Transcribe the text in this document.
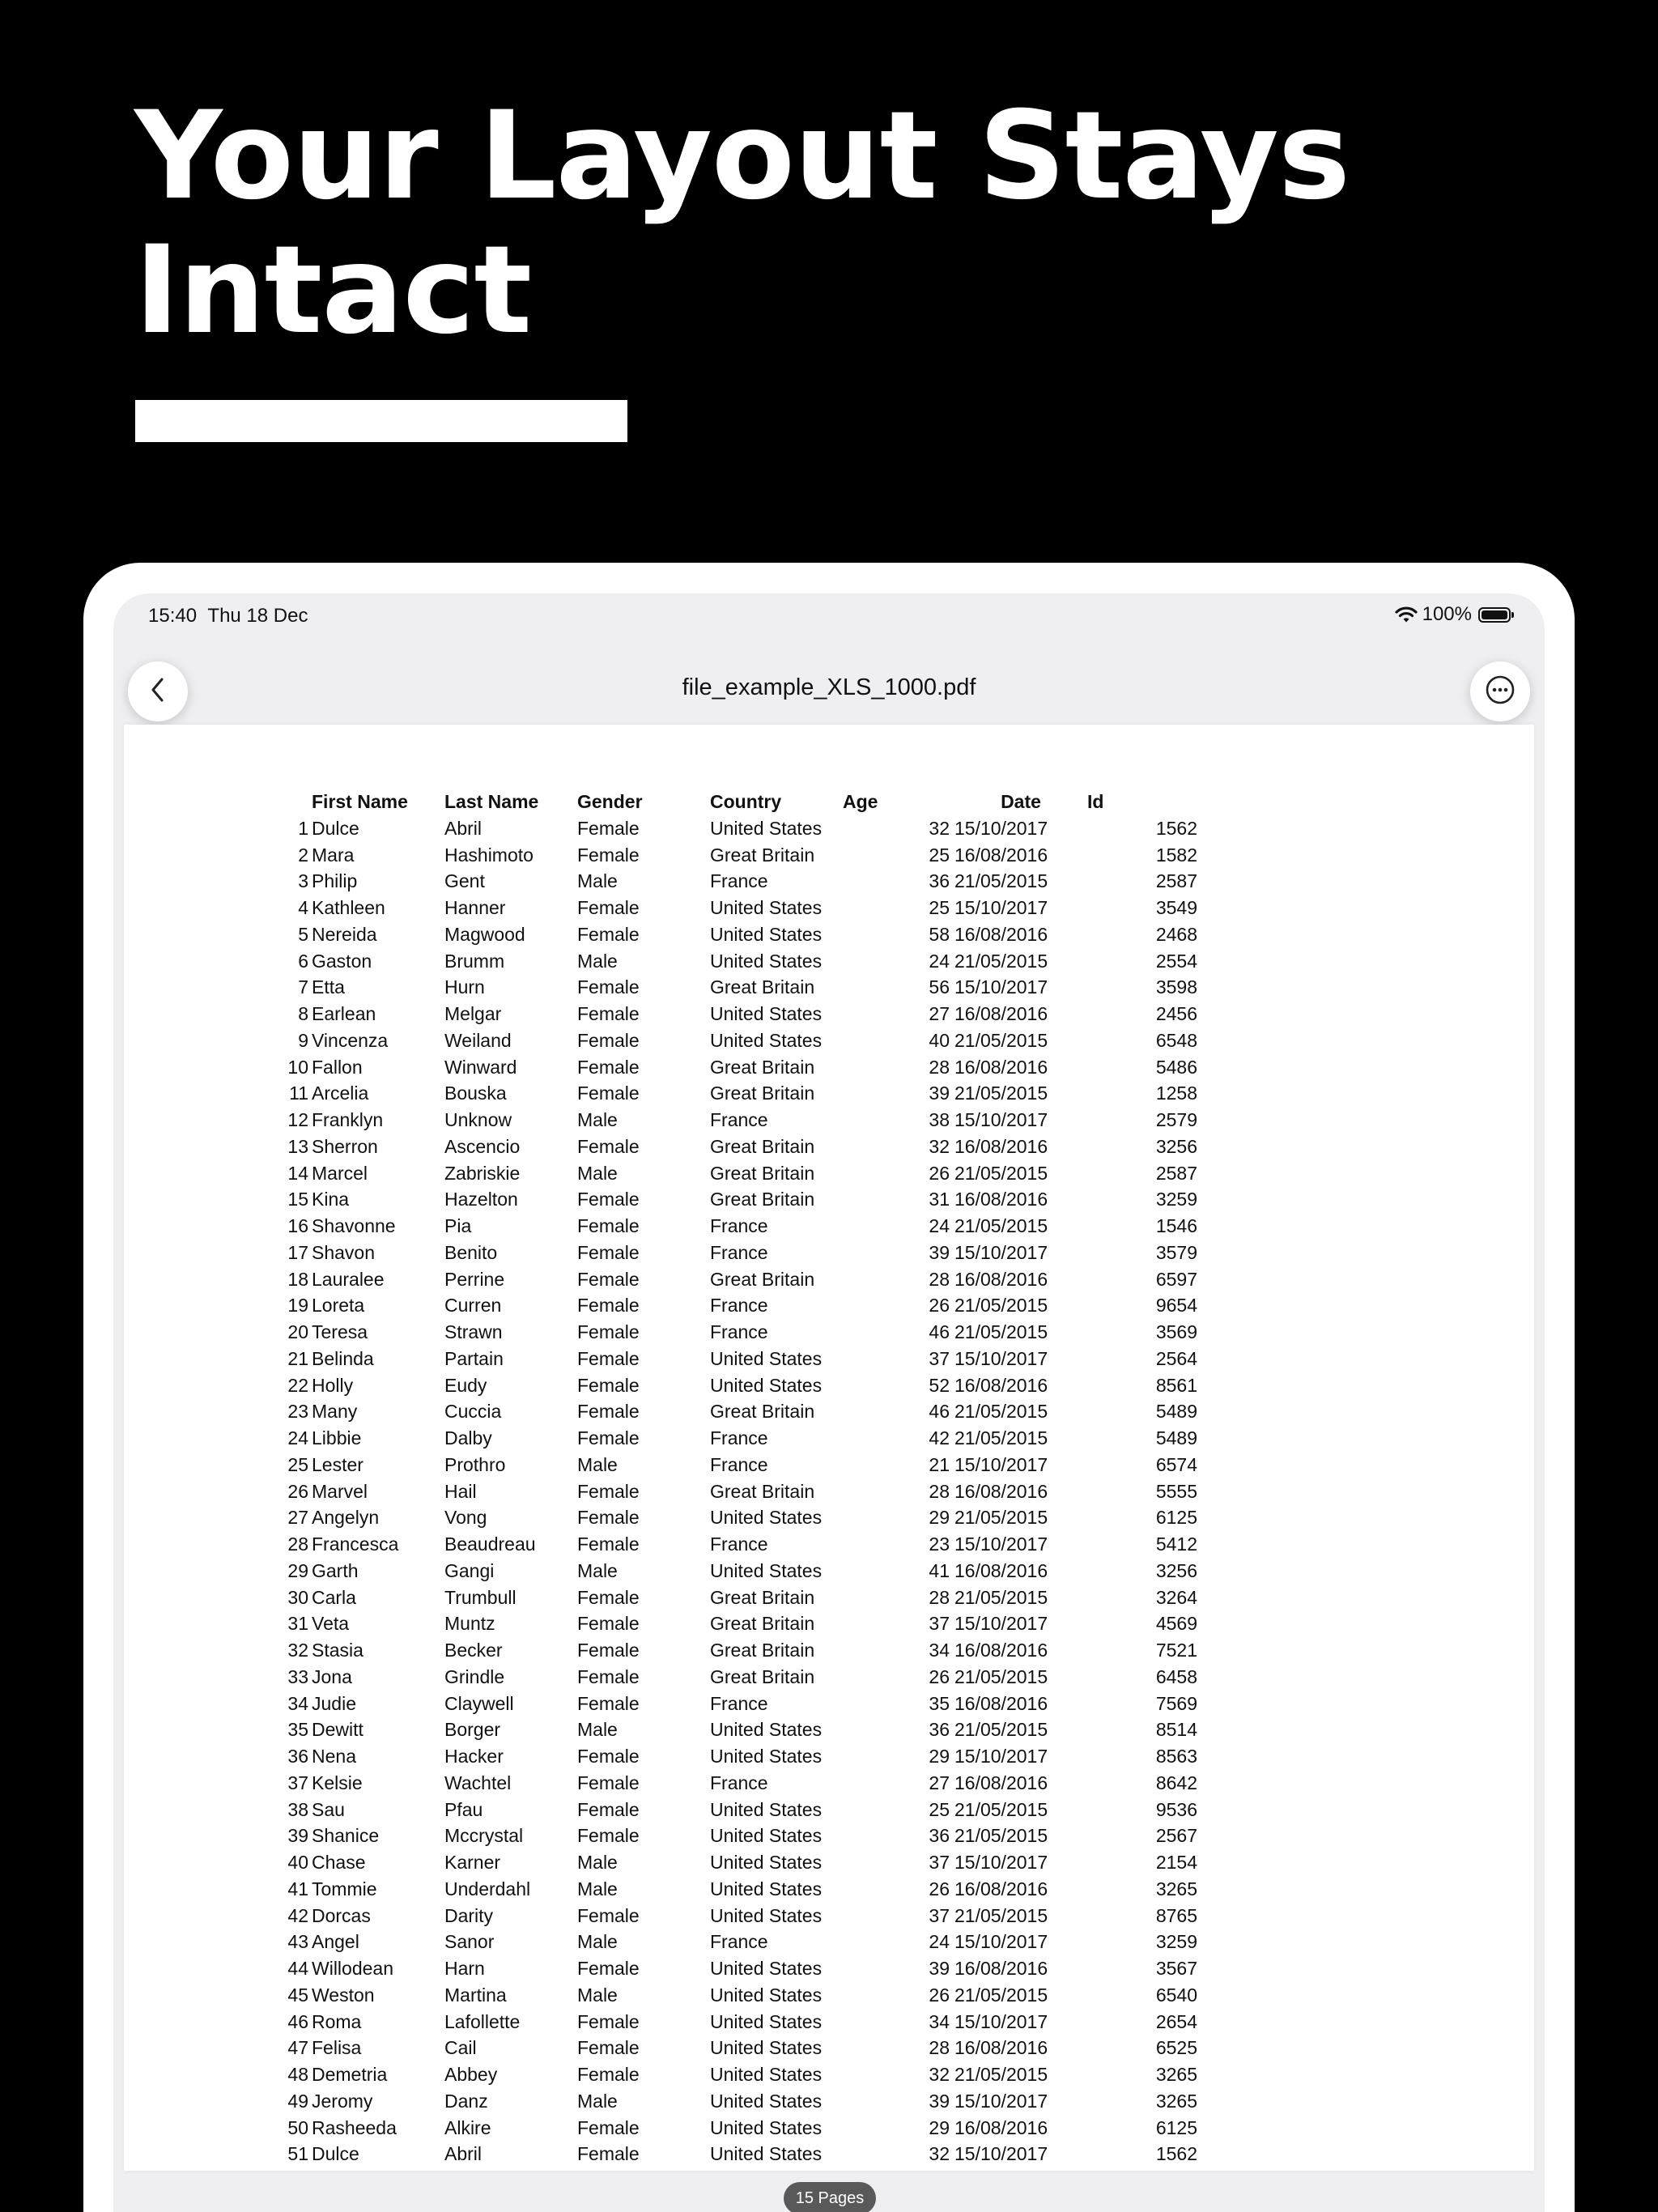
Your Layout Stays
Intact
15:40 Thu 18 Dec	100%
file_example_XLS_1000.pdf
	First Name	Last Name	Gender	Country	Age	Date	Id
1	Dulce	Abril	Female	United States	32	15/10/2017	1562
2	Mara	Hashimoto	Female	Great Britain	25	16/08/2016	1582
3	Philip	Gent	Male	France	36	21/05/2015	2587
4	Kathleen	Hanner	Female	United States	25	15/10/2017	3549
5	Nereida	Magwood	Female	United States	58	16/08/2016	2468
6	Gaston	Brumm	Male	United States	24	21/05/2015	2554
7	Etta	Hurn	Female	Great Britain	56	15/10/2017	3598
8	Earlean	Melgar	Female	United States	27	16/08/2016	2456
9	Vincenza	Weiland	Female	United States	40	21/05/2015	6548
10	Fallon	Winward	Female	Great Britain	28	16/08/2016	5486
11	Arcelia	Bouska	Female	Great Britain	39	21/05/2015	1258
12	Franklyn	Unknow	Male	France	38	15/10/2017	2579
13	Sherron	Ascencio	Female	Great Britain	32	16/08/2016	3256
14	Marcel	Zabriskie	Male	Great Britain	26	21/05/2015	2587
15	Kina	Hazelton	Female	Great Britain	31	16/08/2016	3259
16	Shavonne	Pia	Female	France	24	21/05/2015	1546
17	Shavon	Benito	Female	France	39	15/10/2017	3579
18	Lauralee	Perrine	Female	Great Britain	28	16/08/2016	6597
19	Loreta	Curren	Female	France	26	21/05/2015	9654
20	Teresa	Strawn	Female	France	46	21/05/2015	3569
21	Belinda	Partain	Female	United States	37	15/10/2017	2564
22	Holly	Eudy	Female	United States	52	16/08/2016	8561
23	Many	Cuccia	Female	Great Britain	46	21/05/2015	5489
24	Libbie	Dalby	Female	France	42	21/05/2015	5489
25	Lester	Prothro	Male	France	21	15/10/2017	6574
26	Marvel	Hail	Female	Great Britain	28	16/08/2016	5555
27	Angelyn	Vong	Female	United States	29	21/05/2015	6125
28	Francesca	Beaudreau	Female	France	23	15/10/2017	5412
29	Garth	Gangi	Male	United States	41	16/08/2016	3256
30	Carla	Trumbull	Female	Great Britain	28	21/05/2015	3264
31	Veta	Muntz	Female	Great Britain	37	15/10/2017	4569
32	Stasia	Becker	Female	Great Britain	34	16/08/2016	7521
33	Jona	Grindle	Female	Great Britain	26	21/05/2015	6458
34	Judie	Claywell	Female	France	35	16/08/2016	7569
35	Dewitt	Borger	Male	United States	36	21/05/2015	8514
36	Nena	Hacker	Female	United States	29	15/10/2017	8563
37	Kelsie	Wachtel	Female	France	27	16/08/2016	8642
38	Sau	Pfau	Female	United States	25	21/05/2015	9536
39	Shanice	Mccrystal	Female	United States	36	21/05/2015	2567
40	Chase	Karner	Male	United States	37	15/10/2017	2154
41	Tommie	Underdahl	Male	United States	26	16/08/2016	3265
42	Dorcas	Darity	Female	United States	37	21/05/2015	8765
43	Angel	Sanor	Male	France	24	15/10/2017	3259
44	Willodean	Harn	Female	United States	39	16/08/2016	3567
45	Weston	Martina	Male	United States	26	21/05/2015	6540
46	Roma	Lafollette	Female	United States	34	15/10/2017	2654
47	Felisa	Cail	Female	United States	28	16/08/2016	6525
48	Demetria	Abbey	Female	United States	32	21/05/2015	3265
49	Jeromy	Danz	Male	United States	39	15/10/2017	3265
50	Rasheeda	Alkire	Female	United States	29	16/08/2016	6125
51	Dulce	Abril	Female	United States	32	15/10/2017	1562
15 Pages
